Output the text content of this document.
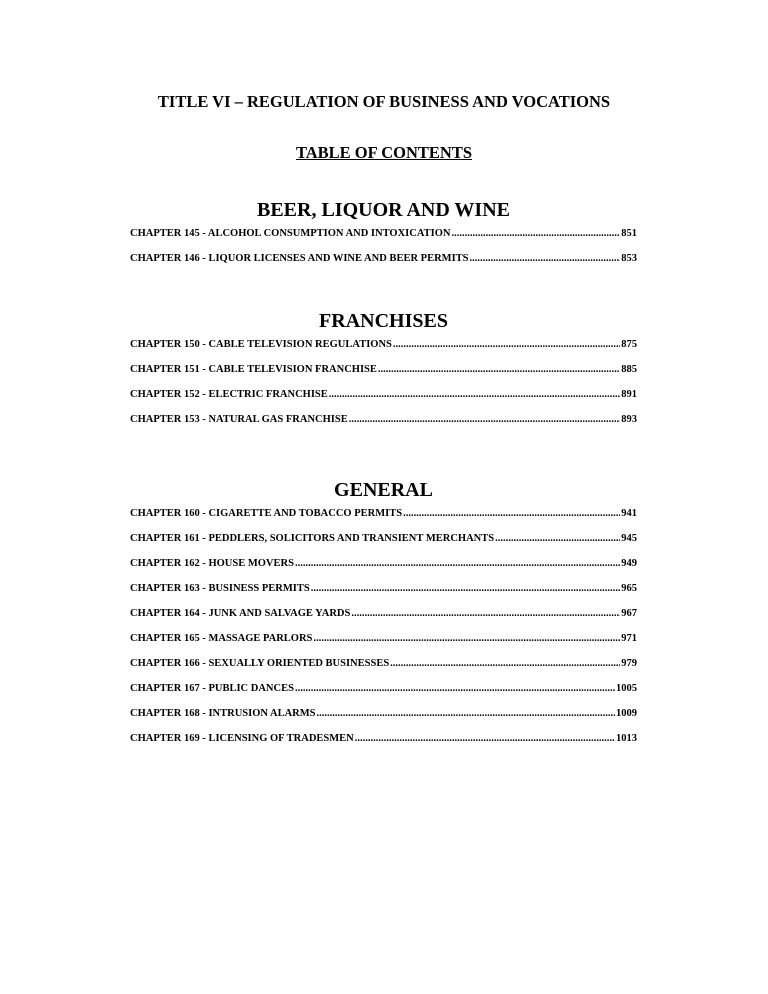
TITLE VI – REGULATION OF BUSINESS AND VOCATIONS
TABLE OF CONTENTS
BEER, LIQUOR AND WINE
CHAPTER 145 - ALCOHOL CONSUMPTION AND INTOXICATION .....	851
CHAPTER 146 - LIQUOR LICENSES AND WINE AND BEER PERMITS .....	853
FRANCHISES
CHAPTER 150 - CABLE TELEVISION REGULATIONS .....	875
CHAPTER 151 - CABLE TELEVISION FRANCHISE .....	885
CHAPTER 152 - ELECTRIC FRANCHISE .....	891
CHAPTER 153 - NATURAL GAS FRANCHISE .....	893
GENERAL
CHAPTER 160 - CIGARETTE AND TOBACCO PERMITS .....	941
CHAPTER 161 - PEDDLERS, SOLICITORS AND TRANSIENT MERCHANTS .....	945
CHAPTER 162 - HOUSE MOVERS .....	949
CHAPTER 163 - BUSINESS PERMITS .....	965
CHAPTER 164 - JUNK AND SALVAGE YARDS .....	967
CHAPTER 165 - MASSAGE PARLORS .....	971
CHAPTER 166 - SEXUALLY ORIENTED BUSINESSES .....	979
CHAPTER 167 - PUBLIC DANCES .....	1005
CHAPTER 168 - INTRUSION ALARMS .....	1009
CHAPTER 169 - LICENSING OF TRADESMEN .....	1013
